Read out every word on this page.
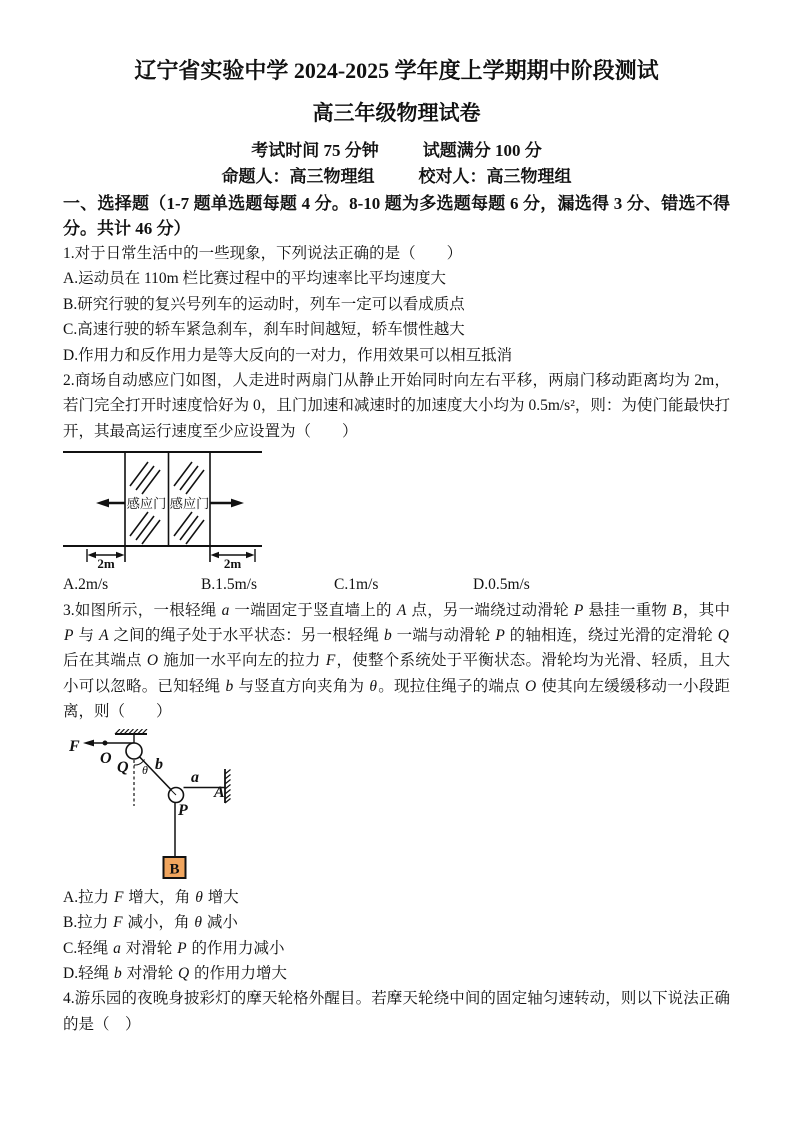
辽宁省实验中学 2024-2025 学年度上学期期中阶段测试
高三年级物理试卷
考试时间 75 分钟	试题满分 100 分
命题人：高三物理组	校对人：高三物理组
一、选择题（1-7 题单选题每题 4 分。8-10 题为多选题每题 6 分，漏选得 3 分、错选不得分。共计 46 分）
1.对于日常生活中的一些现象，下列说法正确的是（　　）
A.运动员在 110m 栏比赛过程中的平均速率比平均速度大
B.研究行驶的复兴号列车的运动时，列车一定可以看成质点
C.高速行驶的轿车紧急刹车，刹车时间越短，轿车惯性越大
D.作用力和反作用力是等大反向的一对力，作用效果可以相互抵消
2.商场自动感应门如图，人走进时两扇门从静止开始同时向左右平移，两扇门移动距离均为 2m，若门完全打开时速度恰好为 0，且门加速和减速时的加速度大小均为 0.5m/s²，则：为使门能最快打开，其最高运行速度至少应设置为（　　）
感应门 感应门
2m	2m
A.2m/s	B.1.5m/s	C.1m/s	D.0.5m/s
3.如图所示，一根轻绳 a 一端固定于竖直墙上的 A 点，另一端绕过动滑轮 P 悬挂一重物 B，其中 P 与 A 之间的绳子处于水平状态：另一根轻绳 b 一端与动滑轮 P 的轴相连，绕过光滑的定滑轮 Q 后在其端点 O 施加一水平向左的拉力 F，使整个系统处于平衡状态。滑轮均为光滑、轻质，且大小可以忽略。已知轻绳 b 与竖直方向夹角为 θ。现拉住绳子的端点 O 使其向左缓缓移动一小段距离，则（　　）
F
O
Q b
θ
P
a
A
B
A.拉力 F 增大，角 θ 增大
B.拉力 F 减小，角 θ 减小
C.轻绳 a 对滑轮 P 的作用力减小
D.轻绳 b 对滑轮 Q 的作用力增大
4.游乐园的夜晚身披彩灯的摩天轮格外醒目。若摩天轮绕中间的固定轴匀速转动，则以下说法正确的是（　）
